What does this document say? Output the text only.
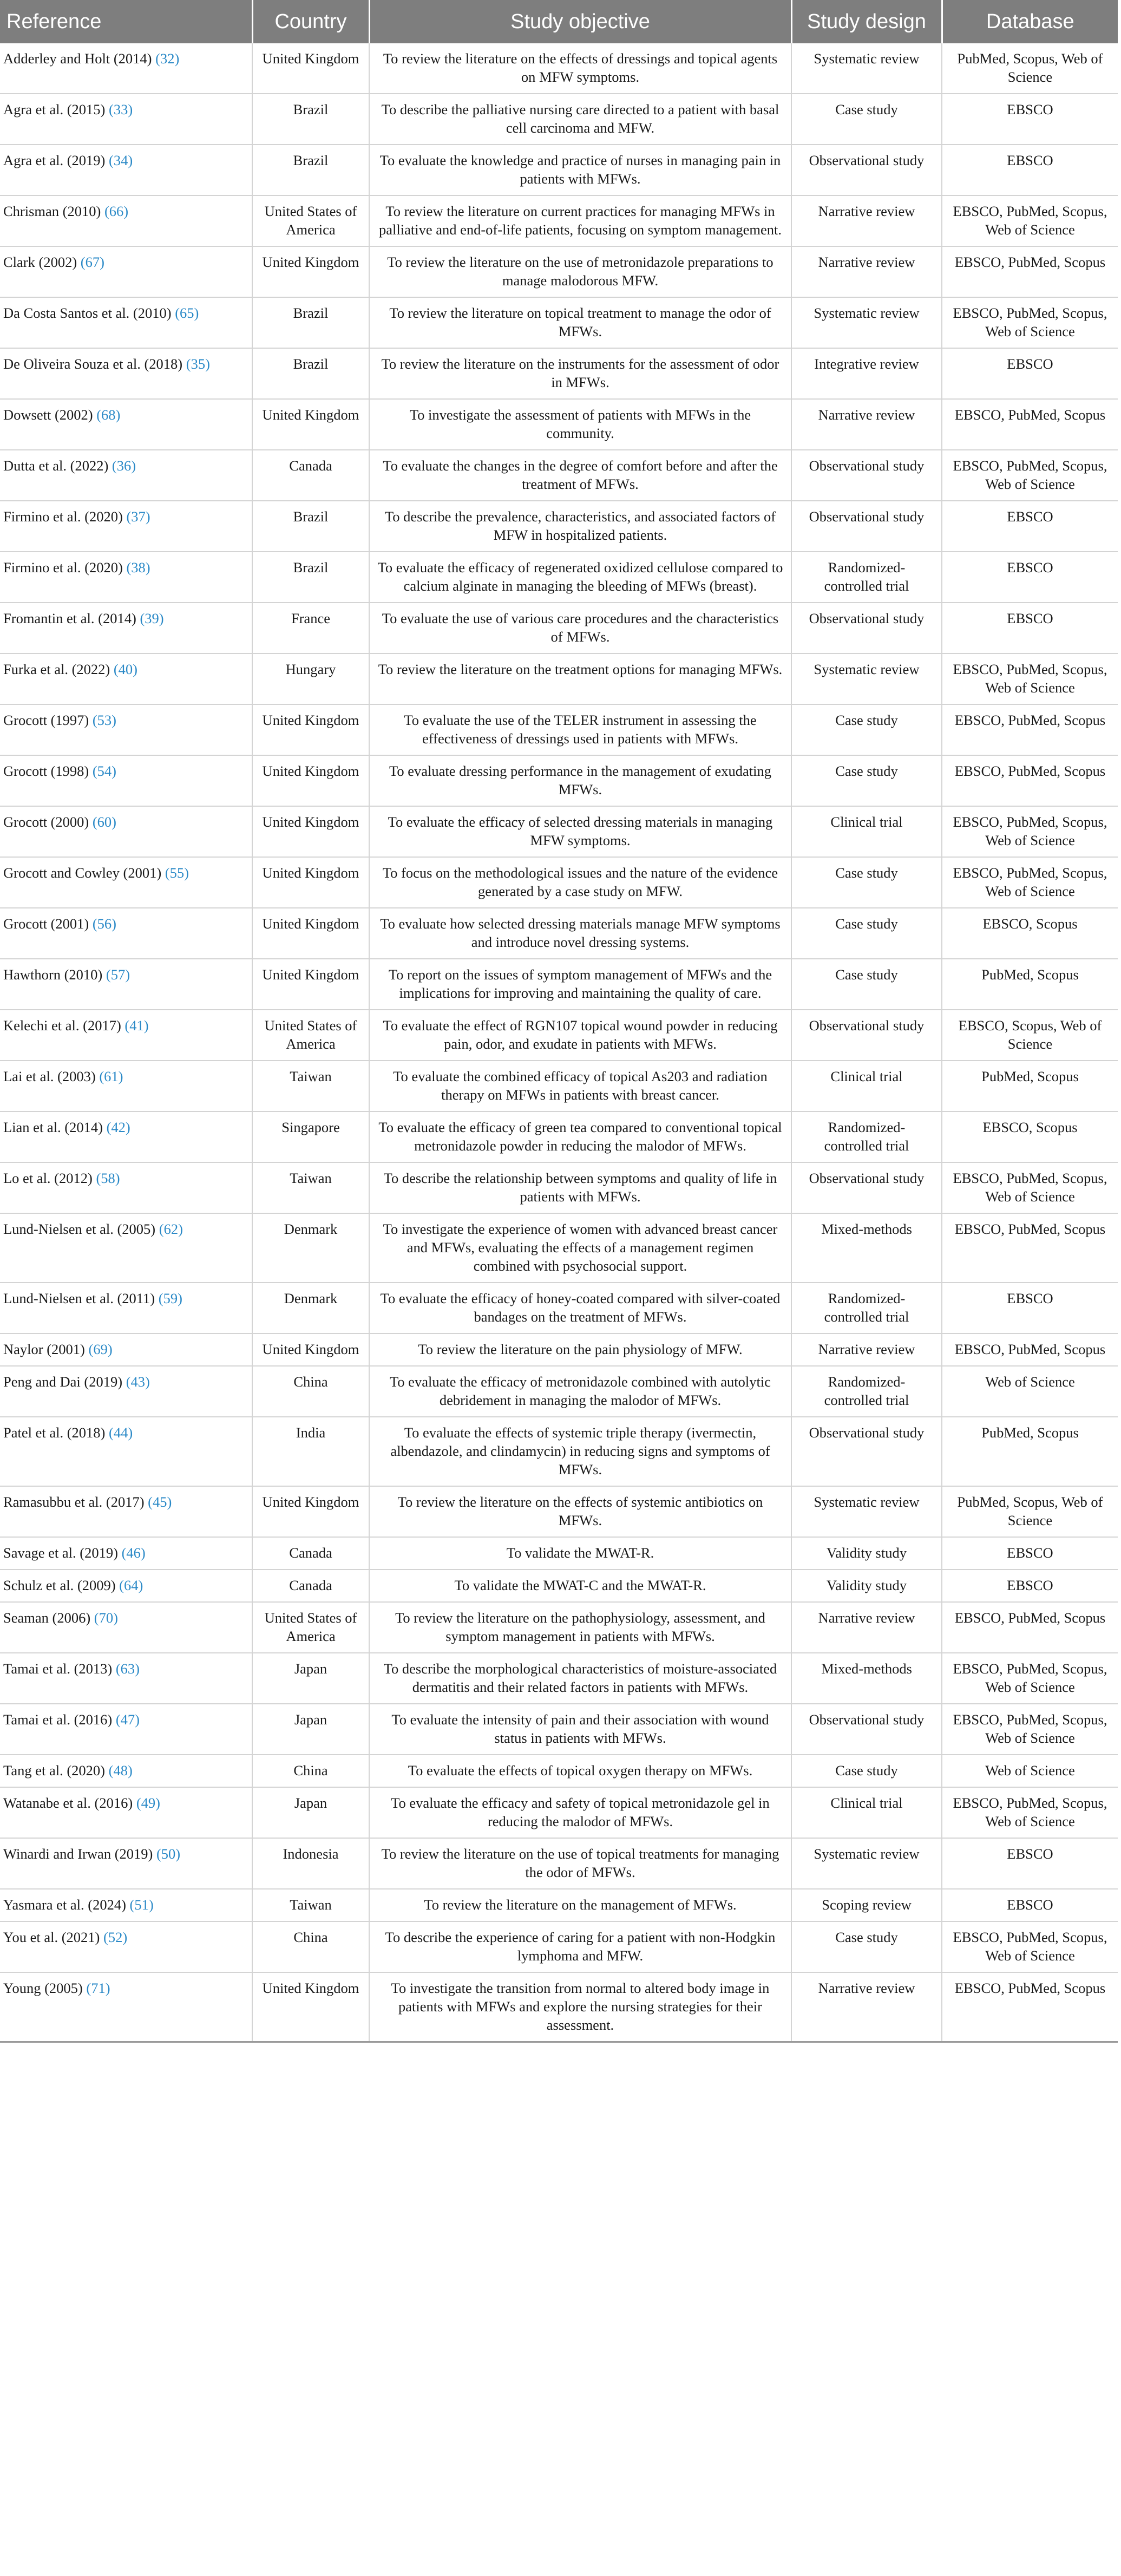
Reference	Country	Study objective	Study design	Database
Adderley and Holt (2014) (32)	United Kingdom	To review the literature on the effects of dressings and topical agents on MFW symptoms.	Systematic review	PubMed, Scopus, Web of Science
Agra et al. (2015) (33)	Brazil	To describe the palliative nursing care directed to a patient with basal cell carcinoma and MFW.	Case study	EBSCO
Agra et al. (2019) (34)	Brazil	To evaluate the knowledge and practice of nurses in managing pain in patients with MFWs.	Observational study	EBSCO
Chrisman (2010) (66)	United States of America	To review the literature on current practices for managing MFWs in palliative and end-of-life patients, focusing on symptom management.	Narrative review	EBSCO, PubMed, Scopus, Web of Science
Clark (2002) (67)	United Kingdom	To review the literature on the use of metronidazole preparations to manage malodorous MFW.	Narrative review	EBSCO, PubMed, Scopus
Da Costa Santos et al. (2010) (65)	Brazil	To review the literature on topical treatment to manage the odor of MFWs.	Systematic review	EBSCO, PubMed, Scopus, Web of Science
De Oliveira Souza et al. (2018) (35)	Brazil	To review the literature on the instruments for the assessment of odor in MFWs.	Integrative review	EBSCO
Dowsett (2002) (68)	United Kingdom	To investigate the assessment of patients with MFWs in the community.	Narrative review	EBSCO, PubMed, Scopus
Dutta et al. (2022) (36)	Canada	To evaluate the changes in the degree of comfort before and after the treatment of MFWs.	Observational study	EBSCO, PubMed, Scopus, Web of Science
Firmino et al. (2020) (37)	Brazil	To describe the prevalence, characteristics, and associated factors of MFW in hospitalized patients.	Observational study	EBSCO
Firmino et al. (2020) (38)	Brazil	To evaluate the efficacy of regenerated oxidized cellulose compared to calcium alginate in managing the bleeding of MFWs (breast).	Randomized-controlled trial	EBSCO
Fromantin et al. (2014) (39)	France	To evaluate the use of various care procedures and the characteristics of MFWs.	Observational study	EBSCO
Furka et al. (2022) (40)	Hungary	To review the literature on the treatment options for managing MFWs.	Systematic review	EBSCO, PubMed, Scopus, Web of Science
Grocott (1997) (53)	United Kingdom	To evaluate the use of the TELER instrument in assessing the effectiveness of dressings used in patients with MFWs.	Case study	EBSCO, PubMed, Scopus
Grocott (1998) (54)	United Kingdom	To evaluate dressing performance in the management of exudating MFWs.	Case study	EBSCO, PubMed, Scopus
Grocott (2000) (60)	United Kingdom	To evaluate the efficacy of selected dressing materials in managing MFW symptoms.	Clinical trial	EBSCO, PubMed, Scopus, Web of Science
Grocott and Cowley (2001) (55)	United Kingdom	To focus on the methodological issues and the nature of the evidence generated by a case study on MFW.	Case study	EBSCO, PubMed, Scopus, Web of Science
Grocott (2001) (56)	United Kingdom	To evaluate how selected dressing materials manage MFW symptoms and introduce novel dressing systems.	Case study	EBSCO, Scopus
Hawthorn (2010) (57)	United Kingdom	To report on the issues of symptom management of MFWs and the implications for improving and maintaining the quality of care.	Case study	PubMed, Scopus
Kelechi et al. (2017) (41)	United States of America	To evaluate the effect of RGN107 topical wound powder in reducing pain, odor, and exudate in patients with MFWs.	Observational study	EBSCO, Scopus, Web of Science
Lai et al. (2003) (61)	Taiwan	To evaluate the combined efficacy of topical As203 and radiation therapy on MFWs in patients with breast cancer.	Clinical trial	PubMed, Scopus
Lian et al. (2014) (42)	Singapore	To evaluate the efficacy of green tea compared to conventional topical metronidazole powder in reducing the malodor of MFWs.	Randomized-controlled trial	EBSCO, Scopus
Lo et al. (2012) (58)	Taiwan	To describe the relationship between symptoms and quality of life in patients with MFWs.	Observational study	EBSCO, PubMed, Scopus, Web of Science
Lund-Nielsen et al. (2005) (62)	Denmark	To investigate the experience of women with advanced breast cancer and MFWs, evaluating the effects of a management regimen combined with psychosocial support.	Mixed-methods	EBSCO, PubMed, Scopus
Lund-Nielsen et al. (2011) (59)	Denmark	To evaluate the efficacy of honey-coated compared with silver-coated bandages on the treatment of MFWs.	Randomized-controlled trial	EBSCO
Naylor (2001) (69)	United Kingdom	To review the literature on the pain physiology of MFW.	Narrative review	EBSCO, PubMed, Scopus
Peng and Dai (2019) (43)	China	To evaluate the efficacy of metronidazole combined with autolytic debridement in managing the malodor of MFWs.	Randomized-controlled trial	Web of Science
Patel et al. (2018) (44)	India	To evaluate the effects of systemic triple therapy (ivermectin, albendazole, and clindamycin) in reducing signs and symptoms of MFWs.	Observational study	PubMed, Scopus
Ramasubbu et al. (2017) (45)	United Kingdom	To review the literature on the effects of systemic antibiotics on MFWs.	Systematic review	PubMed, Scopus, Web of Science
Savage et al. (2019) (46)	Canada	To validate the MWAT-R.	Validity study	EBSCO
Schulz et al. (2009) (64)	Canada	To validate the MWAT-C and the MWAT-R.	Validity study	EBSCO
Seaman (2006) (70)	United States of America	To review the literature on the pathophysiology, assessment, and symptom management in patients with MFWs.	Narrative review	EBSCO, PubMed, Scopus
Tamai et al. (2013) (63)	Japan	To describe the morphological characteristics of moisture-associated dermatitis and their related factors in patients with MFWs.	Mixed-methods	EBSCO, PubMed, Scopus, Web of Science
Tamai et al. (2016) (47)	Japan	To evaluate the intensity of pain and their association with wound status in patients with MFWs.	Observational study	EBSCO, PubMed, Scopus, Web of Science
Tang et al. (2020) (48)	China	To evaluate the effects of topical oxygen therapy on MFWs.	Case study	Web of Science
Watanabe et al. (2016) (49)	Japan	To evaluate the efficacy and safety of topical metronidazole gel in reducing the malodor of MFWs.	Clinical trial	EBSCO, PubMed, Scopus, Web of Science
Winardi and Irwan (2019) (50)	Indonesia	To review the literature on the use of topical treatments for managing the odor of MFWs.	Systematic review	EBSCO
Yasmara et al. (2024) (51)	Taiwan	To review the literature on the management of MFWs.	Scoping review	EBSCO
You et al. (2021) (52)	China	To describe the experience of caring for a patient with non-Hodgkin lymphoma and MFW.	Case study	EBSCO, PubMed, Scopus, Web of Science
Young (2005) (71)	United Kingdom	To investigate the transition from normal to altered body image in patients with MFWs and explore the nursing strategies for their assessment.	Narrative review	EBSCO, PubMed, Scopus
